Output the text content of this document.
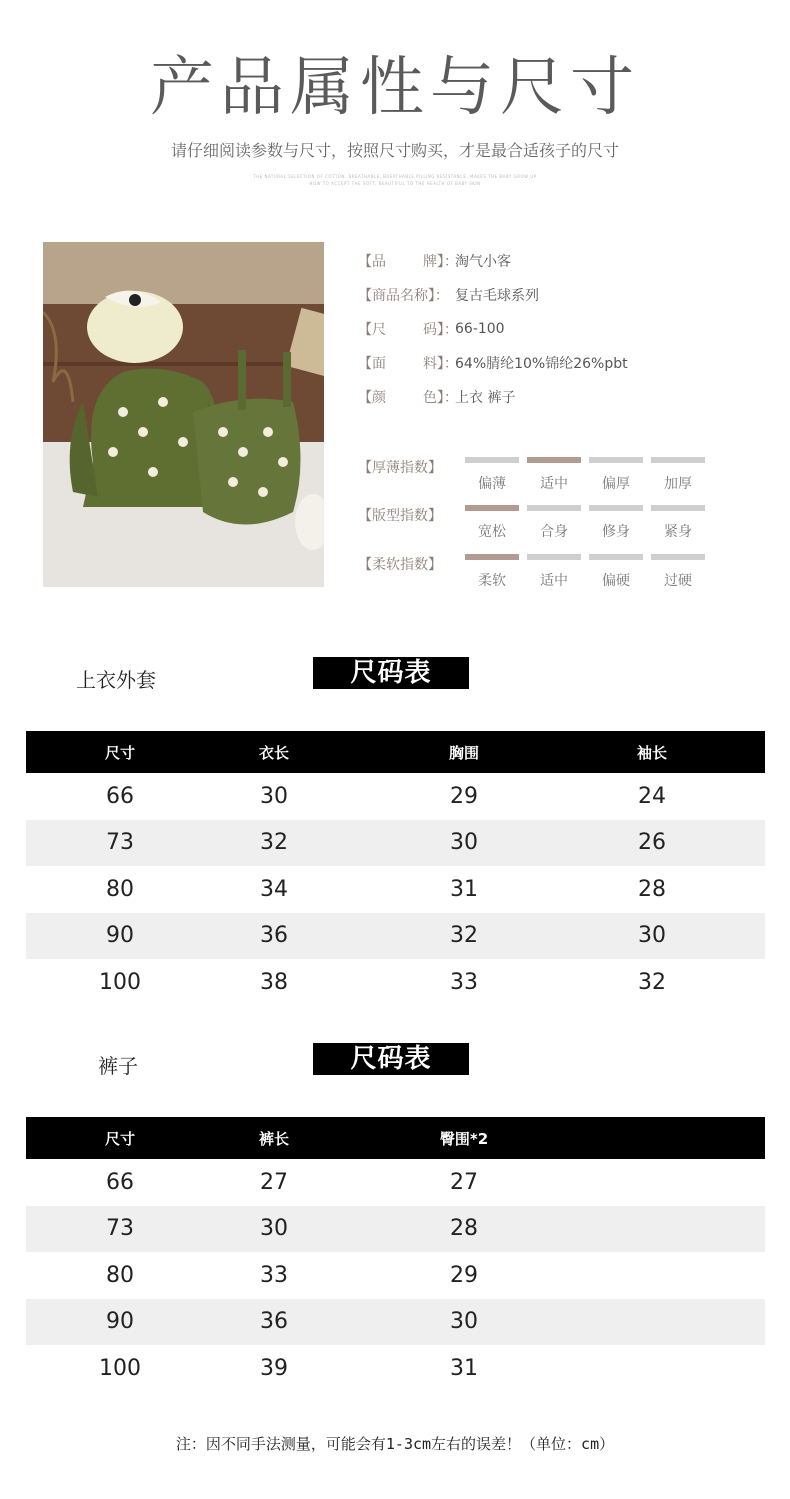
产品属性与尺寸
请仔细阅读参数与尺寸，按照尺寸购买，才是最合适孩子的尺寸
THE NATURAL SELECTION OF COTTON, BREATHABLE, BREATHABLE PILLING RESISTANCE, MAKES THE BABY GROW UP
HOW TO ACCEPT THE SOFT, BEAUTIFUL TO THE HEALTH OF BABY SKIN
【 品	牌 】：
淘气小客
【商品名称】： 复古毛球系列
【 尺	码 】：
66-100
【 面	料 】：
64%腈纶10%锦纶26%pbt
【 颜	色 】：
上衣 裤子
【厚薄指数】
偏薄	适中	偏厚	加厚
【版型指数】
宽松	合身	修身	紧身
【柔软指数】
柔软	适中	偏硬	过硬
上衣外套	尺码表
尺寸	衣长	胸围	袖长
66	30	29	24
73	32	30	26
80	34	31	28
90	36	32	30
100	38	33	32
裤子	尺码表
尺寸	裤长	臀围*2
66	27	27
73	30	28
80	33	29
90	36	30
100	39	31
注：因不同手法测量，可能会有1-3cm左右的误差！（单位：cm）
